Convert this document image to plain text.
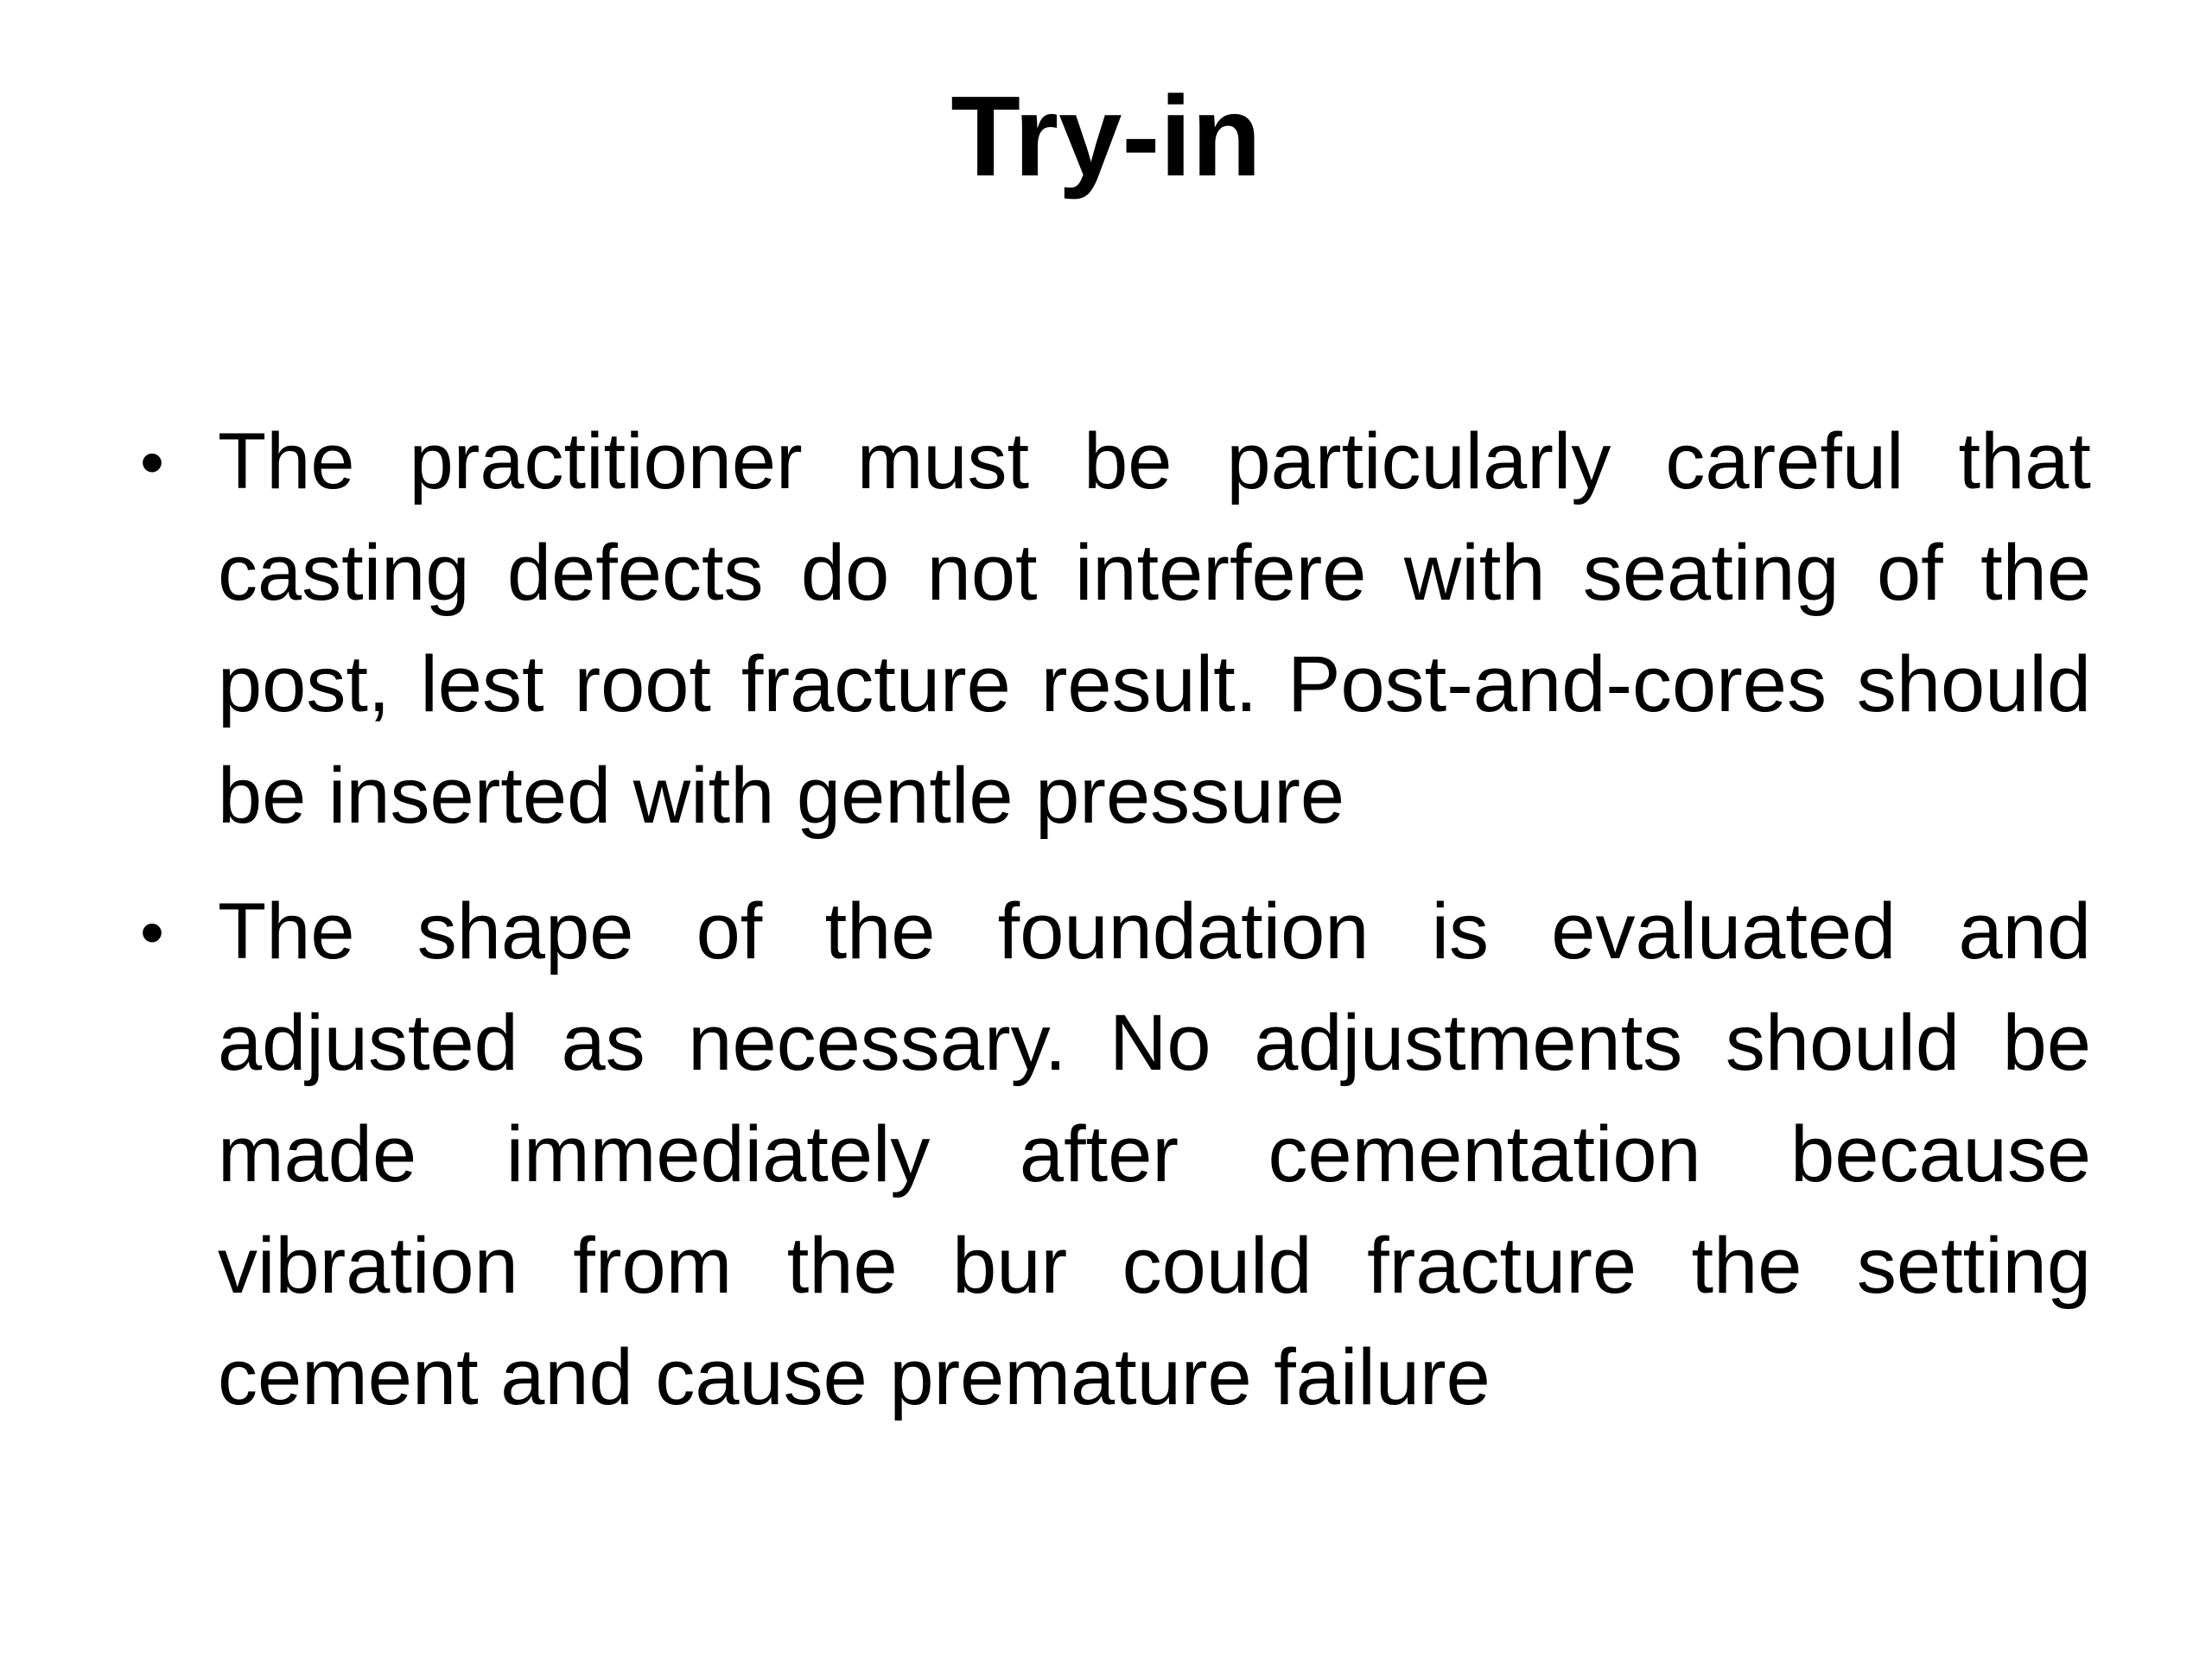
Try-in
• The practitioner must be particularly careful that casting defects do not interfere with seating of the post, lest root fracture result. Post-and-cores should be inserted with gentle pressure
• The shape of the foundation is evaluated and adjusted as necessary. No adjustments should be made immediately after cementation because vibration from the bur could fracture the setting cement and cause premature failure
